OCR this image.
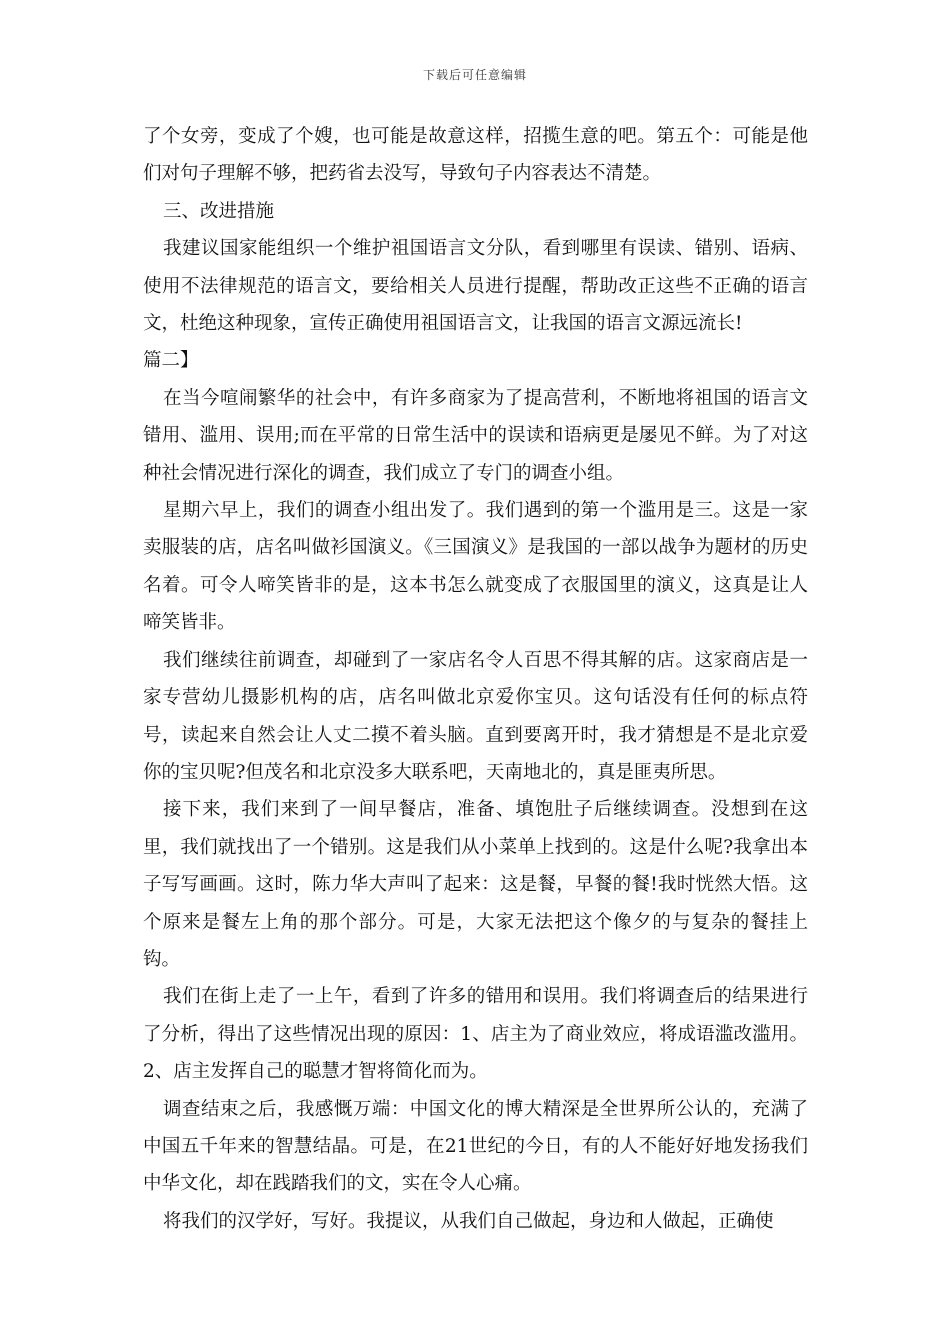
下载后可任意编辑

了个女旁，变成了个嫂，也可能是故意这样，招揽生意的吧。第五个：可能是他们对句子理解不够，把药省去没写，导致句子内容表达不清楚。

三、改进措施

我建议国家能组织一个维护祖国语言文分队，看到哪里有误读、错别、语病、使用不法律规范的语言文，要给相关人员进行提醒，帮助改正这些不正确的语言文，杜绝这种现象，宣传正确使用祖国语言文，让我国的语言文源远流长!

篇二】

在当今喧闹繁华的社会中，有许多商家为了提高营利，不断地将祖国的语言文错用、滥用、误用;而在平常的日常生活中的误读和语病更是屡见不鲜。为了对这种社会情况进行深化的调查，我们成立了专门的调查小组。

星期六早上，我们的调查小组出发了。我们遇到的第一个滥用是三。这是一家卖服装的店，店名叫做衫国演义。《三国演义》是我国的一部以战争为题材的历史名着。可令人啼笑皆非的是，这本书怎么就变成了衣服国里的演义，这真是让人啼笑皆非。

我们继续往前调查，却碰到了一家店名令人百思不得其解的店。这家商店是一家专营幼儿摄影机构的店，店名叫做北京爱你宝贝。这句话没有任何的标点符号，读起来自然会让人丈二摸不着头脑。直到要离开时，我才猜想是不是北京爱你的宝贝呢?但茂名和北京没多大联系吧，天南地北的，真是匪夷所思。

接下来，我们来到了一间早餐店，准备、填饱肚子后继续调查。没想到在这里，我们就找出了一个错别。这是我们从小菜单上找到的。这是什么呢?我拿出本子写写画画。这时，陈力华大声叫了起来：这是餐，早餐的餐!我时恍然大悟。这个原来是餐左上角的那个部分。可是，大家无法把这个像夕的与复杂的餐挂上钩。

我们在街上走了一上午，看到了许多的错用和误用。我们将调查后的结果进行了分析，得出了这些情况出现的原因：1、店主为了商业效应，将成语滥改滥用。2、店主发挥自己的聪慧才智将简化而为。

调查结束之后，我感慨万端：中国文化的博大精深是全世界所公认的，充满了中国五千年来的智慧结晶。可是，在21世纪的今日，有的人不能好好地发扬我们中华文化，却在践踏我们的文，实在令人心痛。

将我们的汉学好，写好。我提议，从我们自己做起，身边和人做起，正确使
